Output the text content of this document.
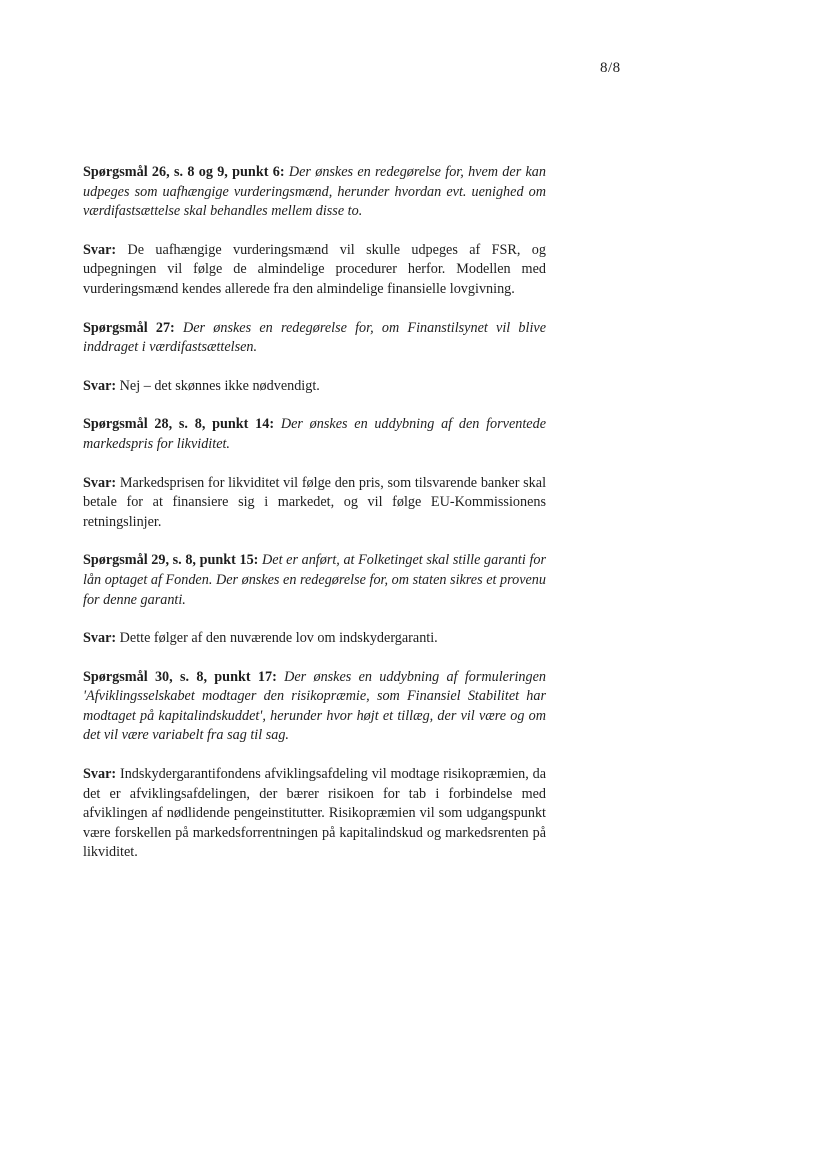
8/8

Spørgsmål 26, s. 8 og 9, punkt 6: Der ønskes en redegørelse for, hvem der kan udpeges som uafhængige vurderingsmænd, herunder hvordan evt. uenighed om værdifastsættelse skal behandles mellem disse to.

Svar: De uafhængige vurderingsmænd vil skulle udpeges af FSR, og udpegningen vil følge de almindelige procedurer herfor. Modellen med vurderingsmænd kendes allerede fra den almindelige finansielle lovgivning.

Spørgsmål 27: Der ønskes en redegørelse for, om Finanstilsynet vil blive inddraget i værdifastsættelsen.

Svar: Nej – det skønnes ikke nødvendigt.

Spørgsmål 28, s. 8, punkt 14: Der ønskes en uddybning af den forventede markedspris for likviditet.

Svar: Markedsprisen for likviditet vil følge den pris, som tilsvarende banker skal betale for at finansiere sig i markedet, og vil følge EU-Kommissionens retningslinjer.

Spørgsmål 29, s. 8, punkt 15: Det er anført, at Folketinget skal stille garanti for lån optaget af Fonden. Der ønskes en redegørelse for, om staten sikres et provenu for denne garanti.

Svar: Dette følger af den nuværende lov om indskydergaranti.

Spørgsmål 30, s. 8, punkt 17: Der ønskes en uddybning af formuleringen 'Afviklingsselskabet modtager den risikopræmie, som Finansiel Stabilitet har modtaget på kapitalindskuddet', herunder hvor højt et tillæg, der vil være og om det vil være variabelt fra sag til sag.

Svar: Indskydergarantifondens afviklingsafdeling vil modtage risikopræmien, da det er afviklingsafdelingen, der bærer risikoen for tab i forbindelse med afviklingen af nødlidende pengeinstitutter. Risikopræmien vil som udgangspunkt være forskellen på markedsforrentningen på kapitalindskud og markedsrenten på likviditet.
